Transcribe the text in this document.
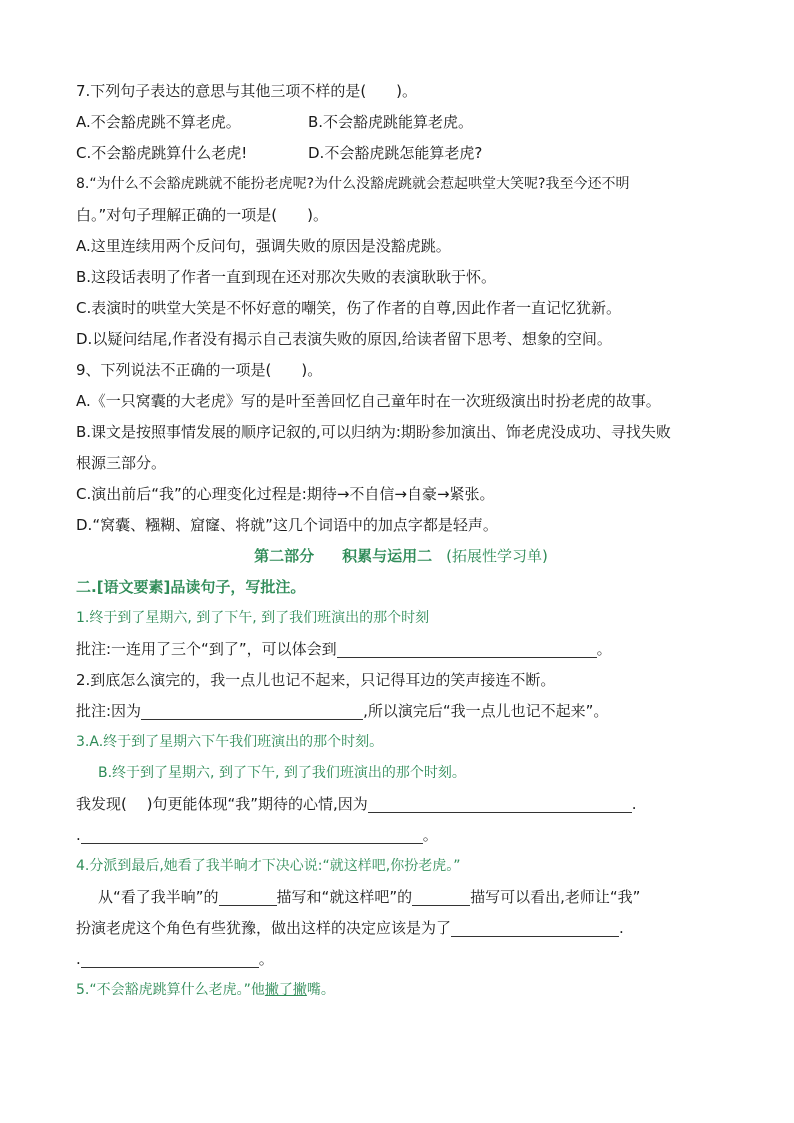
7.下列句子表达的意思与其他三项不样的是(　　)。
A.不会豁虎跳不算老虎。	B.不会豁虎跳能算老虎。
C.不会豁虎跳算什么老虎!	D.不会豁虎跳怎能算老虎?
8.“为什么不会豁虎跳就不能扮老虎呢?为什么没豁虎跳就会惹起哄堂大笑呢?我至今还不明
白。”对句子理解正确的一项是(　　)。
A.这里连续用两个反问句，强调失败的原因是没豁虎跳。
B.这段话表明了作者一直到现在还对那次失败的表演耿耿于怀。
C.表演时的哄堂大笑是不怀好意的嘲笑，伤了作者的自尊,因此作者一直记忆犹新。
D.以疑问结尾,作者没有揭示自己表演失败的原因,给读者留下思考、想象的空间。
9、下列说法不正确的一项是(　　)。
A.《一只窝囊的大老虎》写的是叶至善回忆自己童年时在一次班级演出时扮老虎的故事。
B.课文是按照事情发展的顺序记叙的,可以归纳为:期盼参加演出、饰老虎没成功、寻找失败
根源三部分。
C.演出前后“我”的心理变化过程是:期待→不自信→自豪→紧张。
D.“窝囊、糨糊、窟窿、将就”这几个词语中的加点字都是轻声。
第二部分 积累与运用二 (拓展性学习单)
二.[语文要素]品读句子，写批注。
1.终于到了星期六, 到了下午, 到了我们班演出的那个时刻
批注:一连用了三个“到了”，可以体会到	。
2.到底怎么演完的，我一点儿也记不起来，只记得耳边的笑声接连不断。
批注:因为	,所以演完后“我一点儿也记不起来”。
3.A.终于到了星期六下午我们班演出的那个时刻。
B.终于到了星期六, 到了下午, 到了我们班演出的那个时刻。
我发现(　 )句更能体现“我”期待的心情,因为	.
.	。
4.分派到最后,她看了我半晌才下决心说:“就这样吧,你扮老虎。”
从“看了我半晌”的	描写和“就这样吧”的	描写可以看出,老师让“我”
扮演老虎这个角色有些犹豫，做出这样的决定应该是为了	.
.	。
5.“不会豁虎跳算什么老虎。”他撇了撇嘴。
